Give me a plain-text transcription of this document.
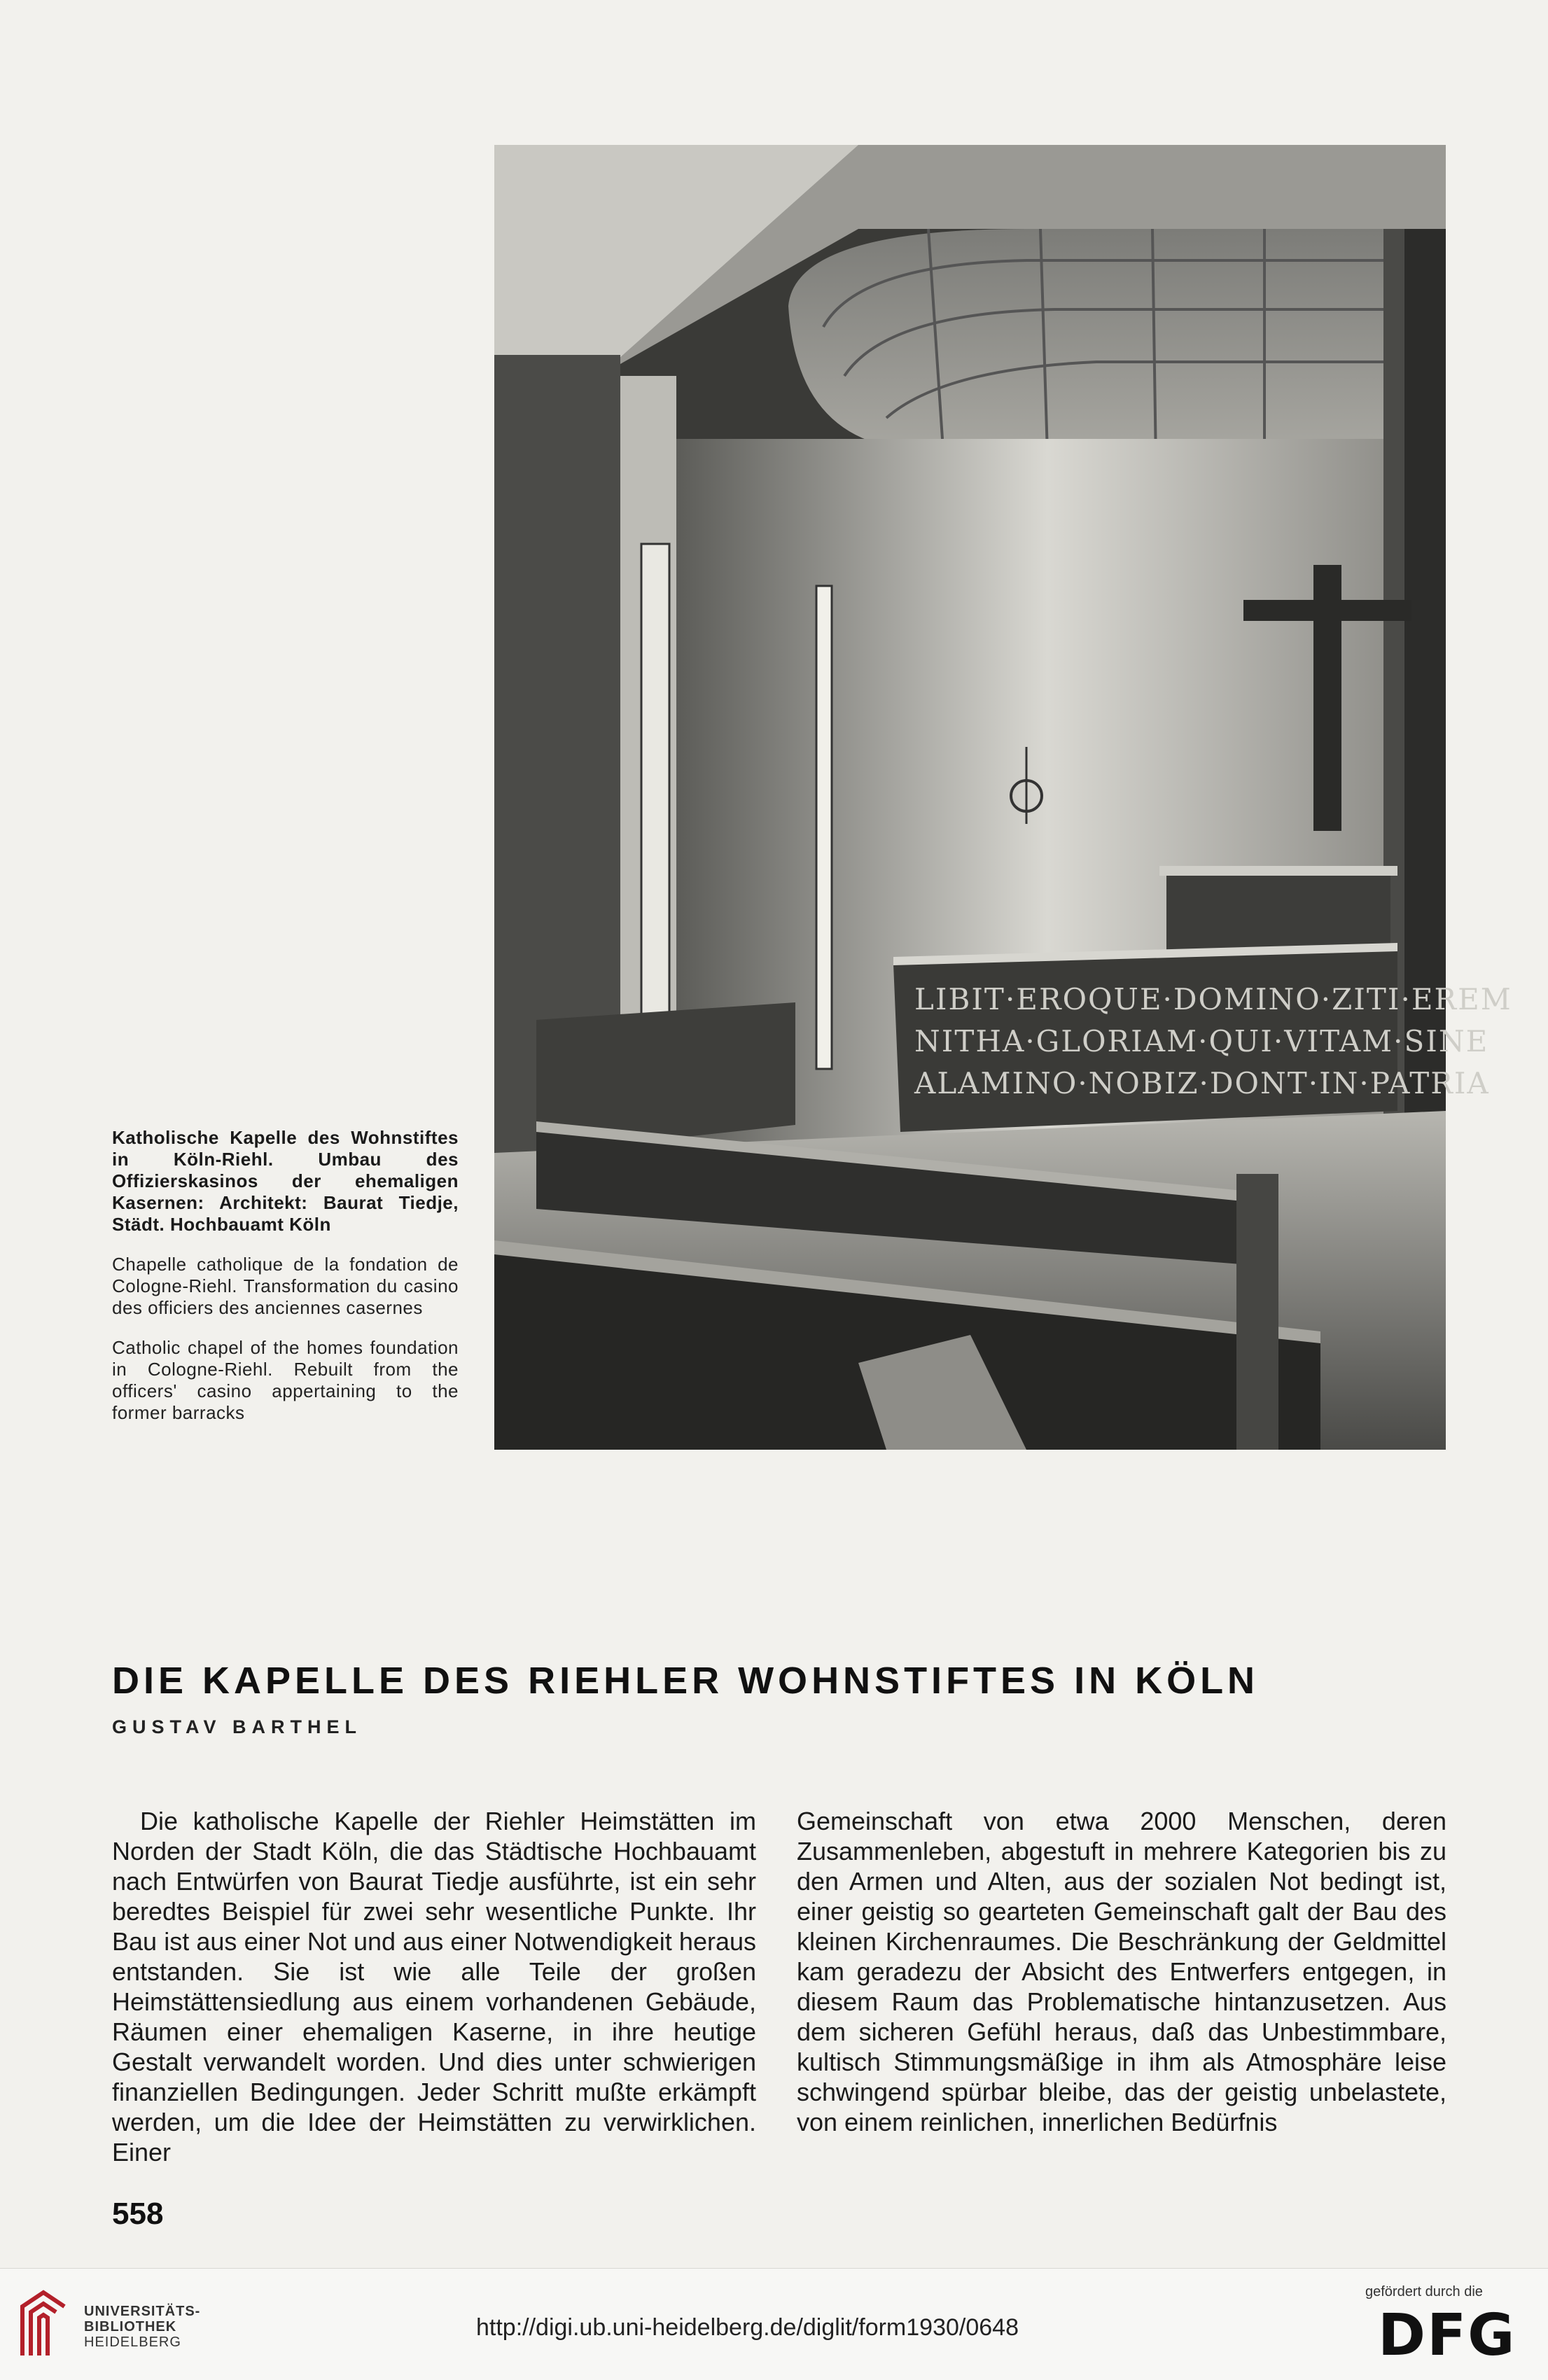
LIBIT·EROQUE·DOMINO·ZITI·EREM
NITHA·GLORIAM·QUI·VITAM·SINE
ALAMINO·NOBIZ·DONT·IN·PATRIA

Katholische Kapelle des Wohnstiftes in Köln-Riehl. Umbau des Offizierskasinos der ehemaligen Kasernen: Architekt: Baurat Tiedje, Städt. Hochbauamt Köln

Chapelle catholique de la fondation de Cologne-Riehl. Transformation du casino des officiers des anciennes casernes

Catholic chapel of the homes foundation in Cologne-Riehl. Rebuilt from the officers' casino appertaining to the former barracks

DIE KAPELLE DES RIEHLER WOHNSTIFTES IN KÖLN
GUSTAV BARTHEL
Die katholische Kapelle der Riehler Heimstätten im Norden der Stadt Köln, die das Städtische Hochbauamt nach Entwürfen von Baurat Tiedje ausführte, ist ein sehr beredtes Beispiel für zwei sehr wesentliche Punkte. Ihr Bau ist aus einer Not und aus einer Notwendigkeit heraus entstanden. Sie ist wie alle Teile der großen Heimstättensiedlung aus einem vorhandenen Gebäude, Räumen einer ehemaligen Kaserne, in ihre heutige Gestalt verwandelt worden. Und dies unter schwierigen finanziellen Bedingungen. Jeder Schritt mußte erkämpft werden, um die Idee der Heimstätten zu verwirklichen. Einer
Gemeinschaft von etwa 2000 Menschen, deren Zusammenleben, abgestuft in mehrere Kategorien bis zu den Armen und Alten, aus der sozialen Not bedingt ist, einer geistig so gearteten Gemeinschaft galt der Bau des kleinen Kirchenraumes. Die Beschränkung der Geldmittel kam geradezu der Absicht des Entwerfers entgegen, in diesem Raum das Problematische hintanzusetzen. Aus dem sicheren Gefühl heraus, daß das Unbestimmbare, kultisch Stimmungsmäßige in ihm als Atmosphäre leise schwingend spürbar bleibe, das der geistig unbelastete, von einem reinlichen, innerlichen Bedürfnis
558
UNIVERSITÄTS-
BIBLIOTHEK
HEIDELBERG
http://digi.ub.uni-heidelberg.de/diglit/form1930/0648
gefördert durch die
DFG
